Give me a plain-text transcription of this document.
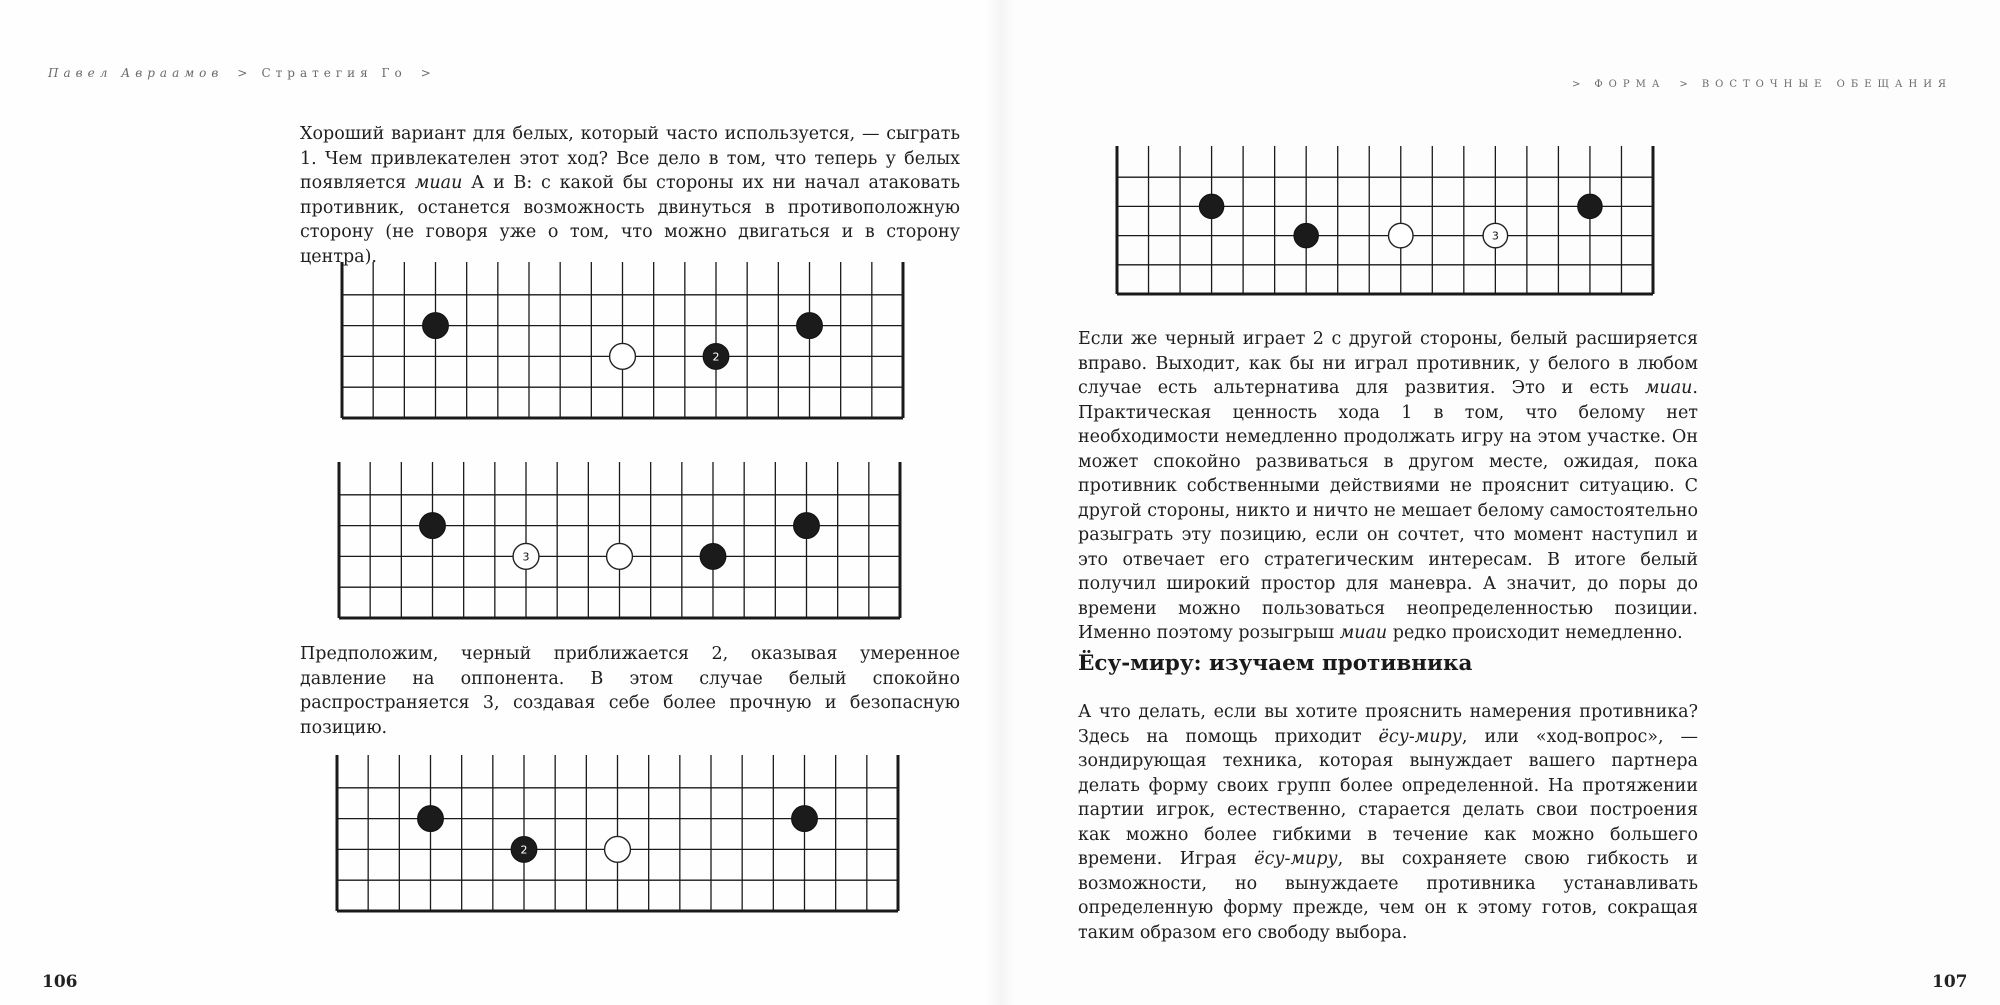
Павел Авраамов > Стратегия Го >
> ФОРМА > ВОСТОЧНЫЕ ОБЕЩАНИЯ

Хороший вариант для белых, который часто используется, — сыграть 1. Чем привлекателен этот ход? Все дело в том, что теперь у белых появляется миаи А и В: с какой бы стороны их ни начал атаковать противник, останется возможность двинуться в противоположную сторону (не говоря уже о том, что можно двигаться и в сторону центра).

Предположим, черный приближается 2, оказывая умеренное давление на оппонента. В этом случае белый спокойно распространяется 3, создавая себе более прочную и безопасную позицию.

Если же черный играет 2 с другой стороны, белый расширяется вправо. Выходит, как бы ни играл противник, у белого в любом случае есть альтернатива для развития. Это и есть миаи. Практическая ценность хода 1 в том, что белому нет необходимости немедленно продолжать игру на этом участке. Он может спокойно развиваться в другом месте, ожидая, пока противник собственными действиями не прояснит ситуацию. С другой стороны, никто и ничто не мешает белому самостоятельно разыграть эту позицию, если он сочтет, что момент наступил и это отвечает его стратегическим интересам. В итоге белый получил широкий простор для маневра. А значит, до поры до времени можно пользоваться неопределенностью позиции. Именно поэтому розыгрыш миаи редко происходит немедленно.

Ёсу-миру: изучаем противника

А что делать, если вы хотите прояснить намерения противника? Здесь на помощь приходит ёсу-миру, или «ход-вопрос», — зондирующая техника, которая вынуждает вашего партнера делать форму своих групп более определенной. На протяжении партии игрок, естественно, старается делать свои построения как можно более гибкими в течение как можно большего времени. Играя ёсу-миру, вы сохраняете свою гибкость и возможности, но вынуждаете противника устанавливать определенную форму прежде, чем он к этому готов, сокращая таким образом его свободу выбора.

2
3
2
3
106	107
